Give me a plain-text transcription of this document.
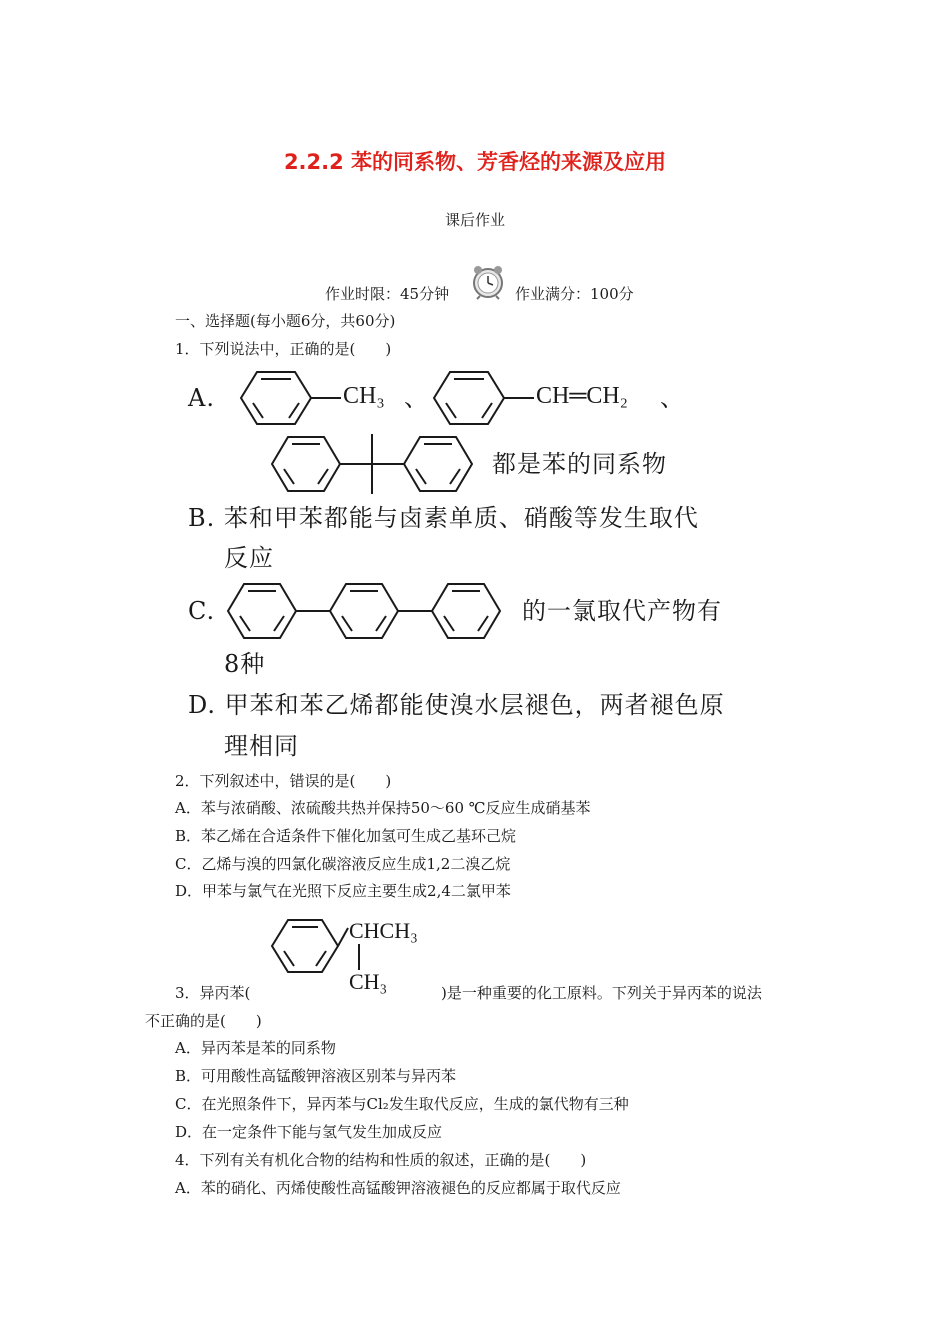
2.2.2 苯的同系物、芳香烃的来源及应用
课后作业
作业时限：45分钟	作业满分：100分
一、选择题(每小题6分，共60分)
1．下列说法中，正确的是(　　)
A.	CH₃ 、	CH═CH₂ 、
都是苯的同系物
B. 苯和甲苯都能与卤素单质、硝酸等发生取代
反应
C.	的一氯取代产物有
8种
D. 甲苯和苯乙烯都能使溴水层褪色，两者褪色原
理相同
2．下列叙述中，错误的是(　　)
A．苯与浓硝酸、浓硫酸共热并保持50～60 ℃反应生成硝基苯
B．苯乙烯在合适条件下催化加氢可生成乙基环己烷
C．乙烯与溴的四氯化碳溶液反应生成1,2二溴乙烷
D．甲苯与氯气在光照下反应主要生成2,4二氯甲苯
CHCH₃
CH₃
3．异丙苯(	)是一种重要的化工原料。下列关于异丙苯的说法
不正确的是(　　)
A．异丙苯是苯的同系物
B．可用酸性高锰酸钾溶液区别苯与异丙苯
C．在光照条件下，异丙苯与Cl₂发生取代反应，生成的氯代物有三种
D．在一定条件下能与氢气发生加成反应
4．下列有关有机化合物的结构和性质的叙述，正确的是(　　)
A．苯的硝化、丙烯使酸性高锰酸钾溶液褪色的反应都属于取代反应
